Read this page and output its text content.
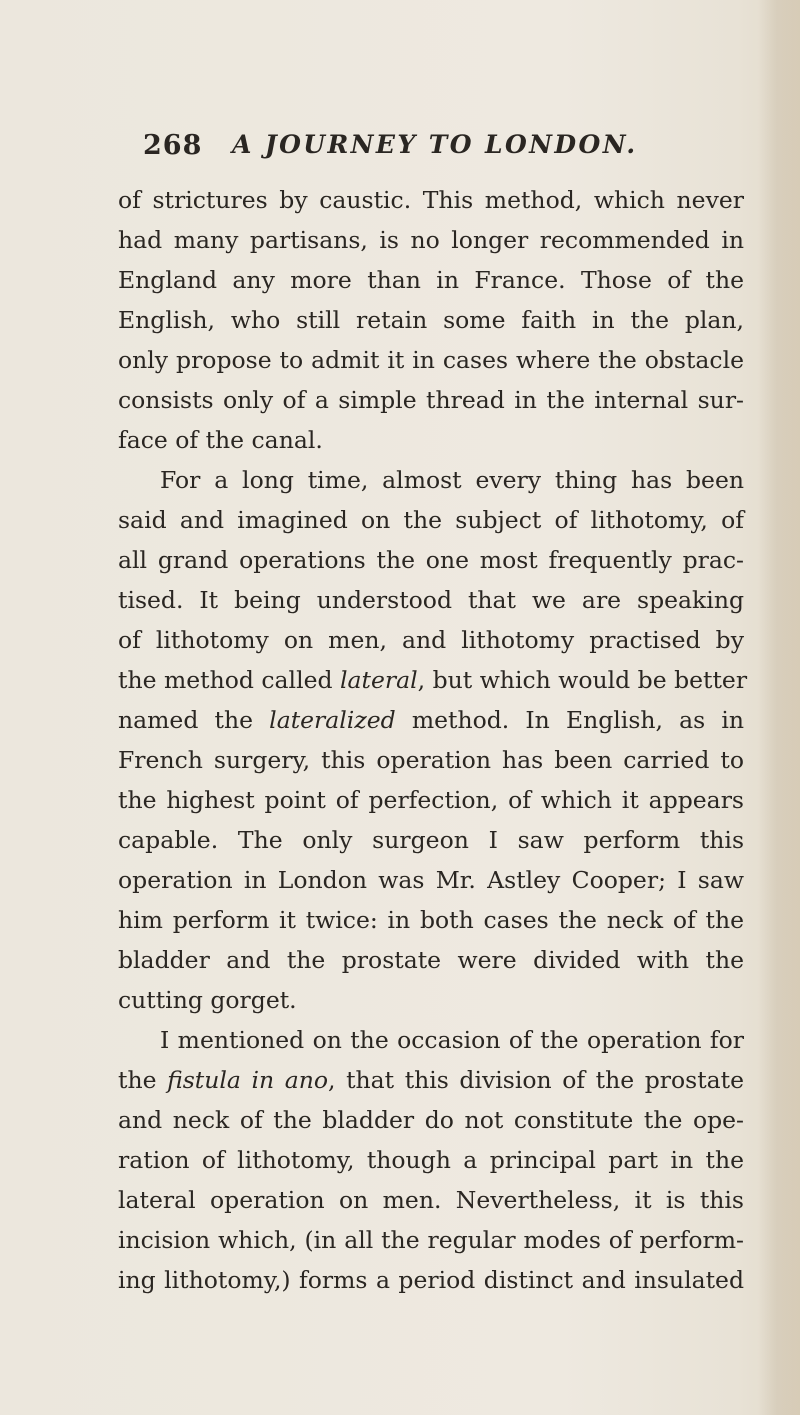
268 A JOURNEY TO LONDON.
of strictures by caustic. This method, which never
had many partisans, is no longer recommended in
England any more than in France. Those of the
English, who still retain some faith in the plan,
only propose to admit it in cases where the obstacle
consists only of a simple thread in the internal sur-
face of the canal.
For a long time, almost every thing has been
said and imagined on the subject of lithotomy, of
all grand operations the one most frequently prac-
tised. It being understood that we are speaking
of lithotomy on men, and lithotomy practised by
the method called lateral, but which would be better
named the lateralized method. In English, as in
French surgery, this operation has been carried to
the highest point of perfection, of which it appears
capable. The only surgeon I saw perform this
operation in London was Mr. Astley Cooper; I saw
him perform it twice: in both cases the neck of the
bladder and the prostate were divided with the
cutting gorget.
I mentioned on the occasion of the operation for
the fistula in ano, that this division of the prostate
and neck of the bladder do not constitute the ope-
ration of lithotomy, though a principal part in the
lateral operation on men. Nevertheless, it is this
incision which, (in all the regular modes of perform-
ing lithotomy,) forms a period distinct and insulated
